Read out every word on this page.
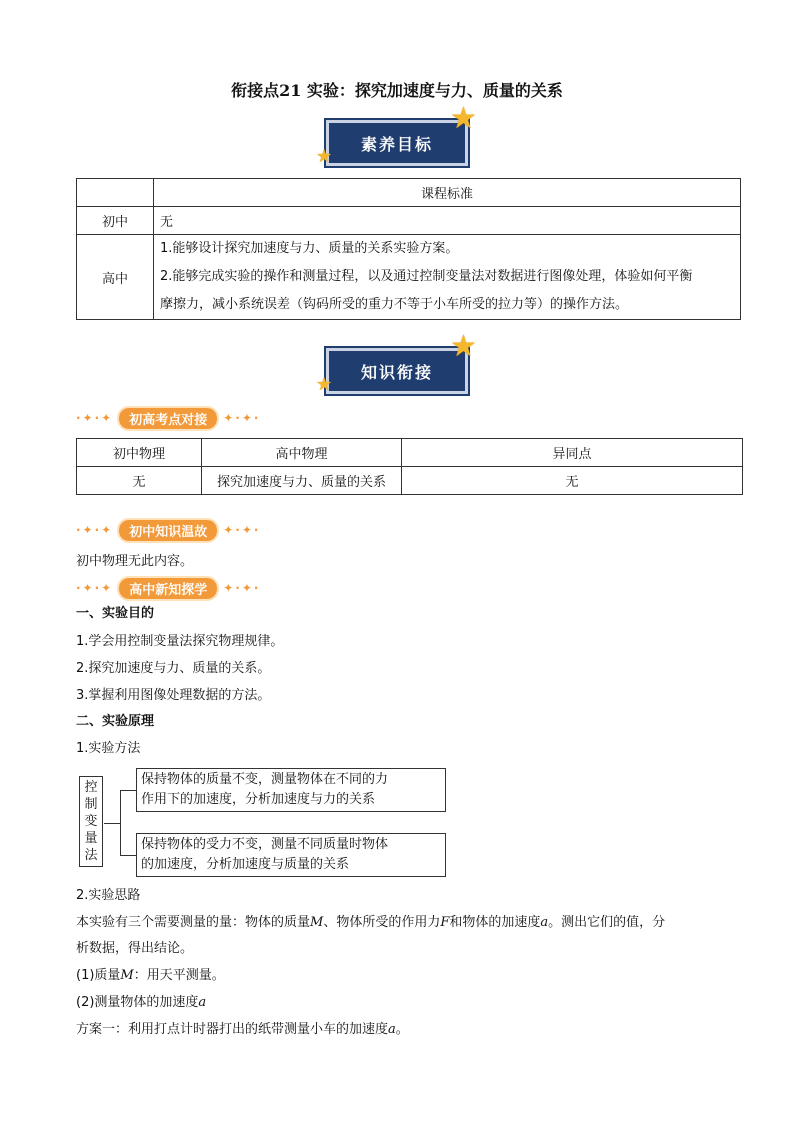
衔接点21 实验：探究加速度与力、质量的关系
素养目标
★
★
	课程标准
初中	无
高中	1.能够设计探究加速度与力、质量的关系实验方案。
2.能够完成实验的操作和测量过程，以及通过控制变量法对数据进行图像处理，体验如何平衡
摩擦力，减小系统误差（钩码所受的重力不等于小车所受的拉力等）的操作方法。
知识衔接
★
★
·✦·✦	初高考点对接	✦·✦·
初中物理	高中物理	异同点
无	探究加速度与力、质量的关系	无
·✦·✦	初中知识温故	✦·✦·
初中物理无此内容。
·✦·✦	高中新知探学	✦·✦·
一、实验目的
1.学会用控制变量法探究物理规律。
2.探究加速度与力、质量的关系。
3.掌握利用图像处理数据的方法。
二、实验原理
1.实验方法
控
制
变
量
法
保持物体的质量不变，测量物体在不同的力
作用下的加速度，分析加速度与力的关系
保持物体的受力不变，测量不同质量时物体
的加速度，分析加速度与质量的关系
2.实验思路
本实验有三个需要测量的量：物体的质量M、物体所受的作用力F和物体的加速度a。测出它们的值，分
析数据，得出结论。
(1)质量M：用天平测量。
(2)测量物体的加速度a
方案一：利用打点计时器打出的纸带测量小车的加速度a。
